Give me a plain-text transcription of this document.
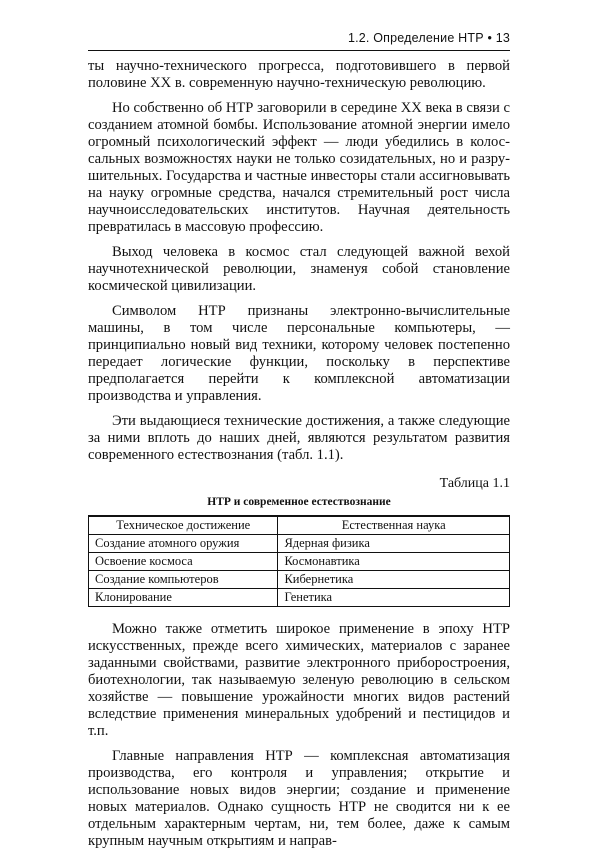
1.2. Определение НТР • 13

ты научно-технического прогресса, подготовившего в первой половине XX в. современную научно-техническую революцию.

Но собственно об НТР заговорили в середине XX века в связи с созданием атомной бомбы. Использование атомной энергии имело огромный психологический эффект — люди убедились в колоссальных возможностях науки не только созидательных, но и разрушительных. Государства и частные инвесторы стали ассигновывать на науку огромные средства, начался стремительный рост числа научноисследовательских институтов. Научная деятельность превратилась в массовую профессию.

Выход человека в космос стал следующей важной вехой научнотехнической революции, знаменуя собой становление космической цивилизации.

Символом НТР признаны электронно-вычислительные машины, в том числе персональные компьютеры, — принципиально новый вид техники, которому человек постепенно передает логические функции, поскольку в перспективе предполагается перейти к комплексной автоматизации производства и управления.

Эти выдающиеся технические достижения, а также следующие за ними вплоть до наших дней, являются результатом развития современного естествознания (табл. 1.1).

Таблица 1.1
НТР и современное естествознание
Техническое достижение	Естественная наука
Создание атомного оружия	Ядерная физика
Освоение космоса	Космонавтика
Создание компьютеров	Кибернетика
Клонирование	Генетика

Можно также отметить широкое применение в эпоху НТР искусственных, прежде всего химических, материалов с заранее заданными свойствами, развитие электронного приборостроения, биотехнологии, так называемую зеленую революцию в сельском хозяйстве — повышение урожайности многих видов растений вследствие применения минеральных удобрений и пестицидов и т.п.

Главные направления НТР — комплексная автоматизация производства, его контроля и управления; открытие и использование новых видов энергии; создание и применение новых материалов. Однако сущность НТР не сводится ни к ее отдельным характерным чертам, ни, тем более, даже к самым крупным научным открытиям и направ-
